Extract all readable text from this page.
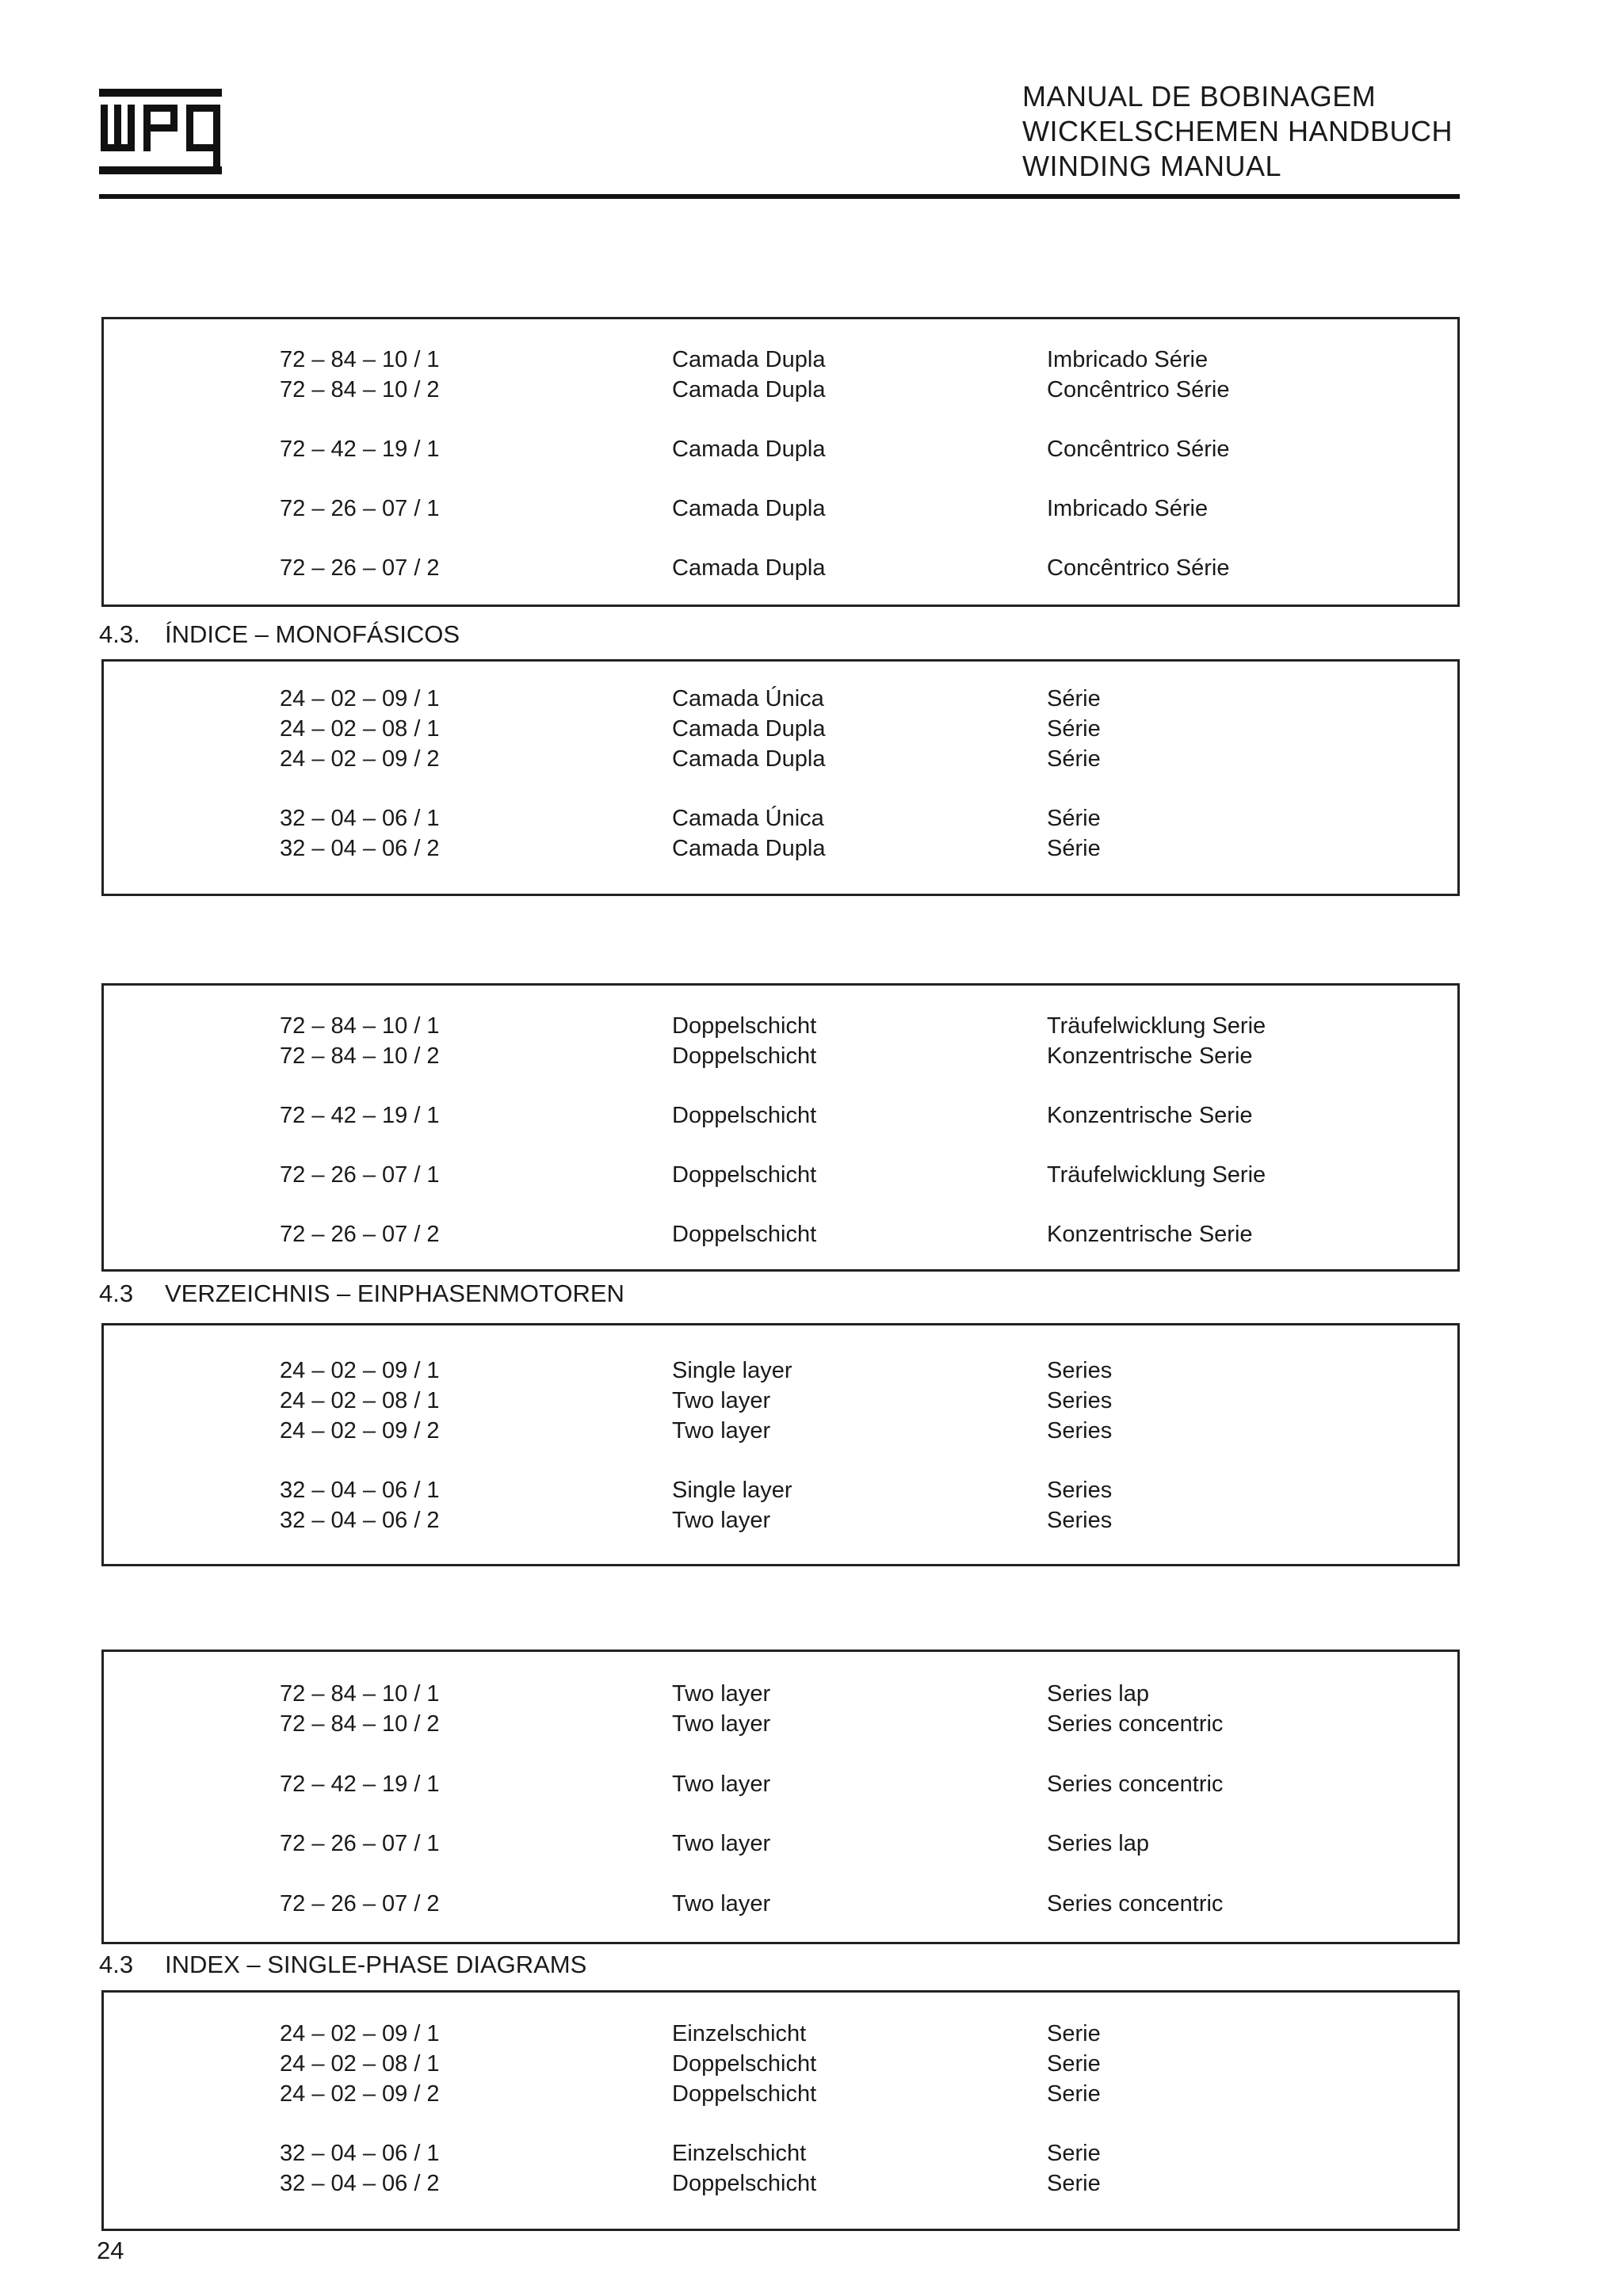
MANUAL DE BOBINAGEM
WICKELSCHEMEN HANDBUCH
WINDING MANUAL
72 – 84 – 10 / 1	Camada Dupla	Imbricado Série
72 – 84 – 10 / 2	Camada Dupla	Concêntrico Série
72 – 42 – 19 / 1	Camada Dupla	Concêntrico Série
72 – 26 – 07 / 1	Camada Dupla	Imbricado Série
72 – 26 – 07 / 2	Camada Dupla	Concêntrico Série
4.3. ÍNDICE – MONOFÁSICOS
24 – 02 – 09 / 1	Camada Única	Série
24 – 02 – 08 / 1	Camada Dupla	Série
24 – 02 – 09 / 2	Camada Dupla	Série
32 – 04 – 06 / 1	Camada Única	Série
32 – 04 – 06 / 2	Camada Dupla	Série
72 – 84 – 10 / 1	Doppelschicht	Träufelwicklung Serie
72 – 84 – 10 / 2	Doppelschicht	Konzentrische Serie
72 – 42 – 19 / 1	Doppelschicht	Konzentrische Serie
72 – 26 – 07 / 1	Doppelschicht	Träufelwicklung Serie
72 – 26 – 07 / 2	Doppelschicht	Konzentrische Serie
4.3 VERZEICHNIS – EINPHASENMOTOREN
24 – 02 – 09 / 1	Single layer	Series
24 – 02 – 08 / 1	Two layer	Series
24 – 02 – 09 / 2	Two layer	Series
32 – 04 – 06 / 1	Single layer	Series
32 – 04 – 06 / 2	Two layer	Series
72 – 84 – 10 / 1	Two layer	Series lap
72 – 84 – 10 / 2	Two layer	Series concentric
72 – 42 – 19 / 1	Two layer	Series concentric
72 – 26 – 07 / 1	Two layer	Series lap
72 – 26 – 07 / 2	Two layer	Series concentric
4.3 INDEX – SINGLE-PHASE DIAGRAMS
24 – 02 – 09 / 1	Einzelschicht	Serie
24 – 02 – 08 / 1	Doppelschicht	Serie
24 – 02 – 09 / 2	Doppelschicht	Serie
32 – 04 – 06 / 1	Einzelschicht	Serie
32 – 04 – 06 / 2	Doppelschicht	Serie
24
